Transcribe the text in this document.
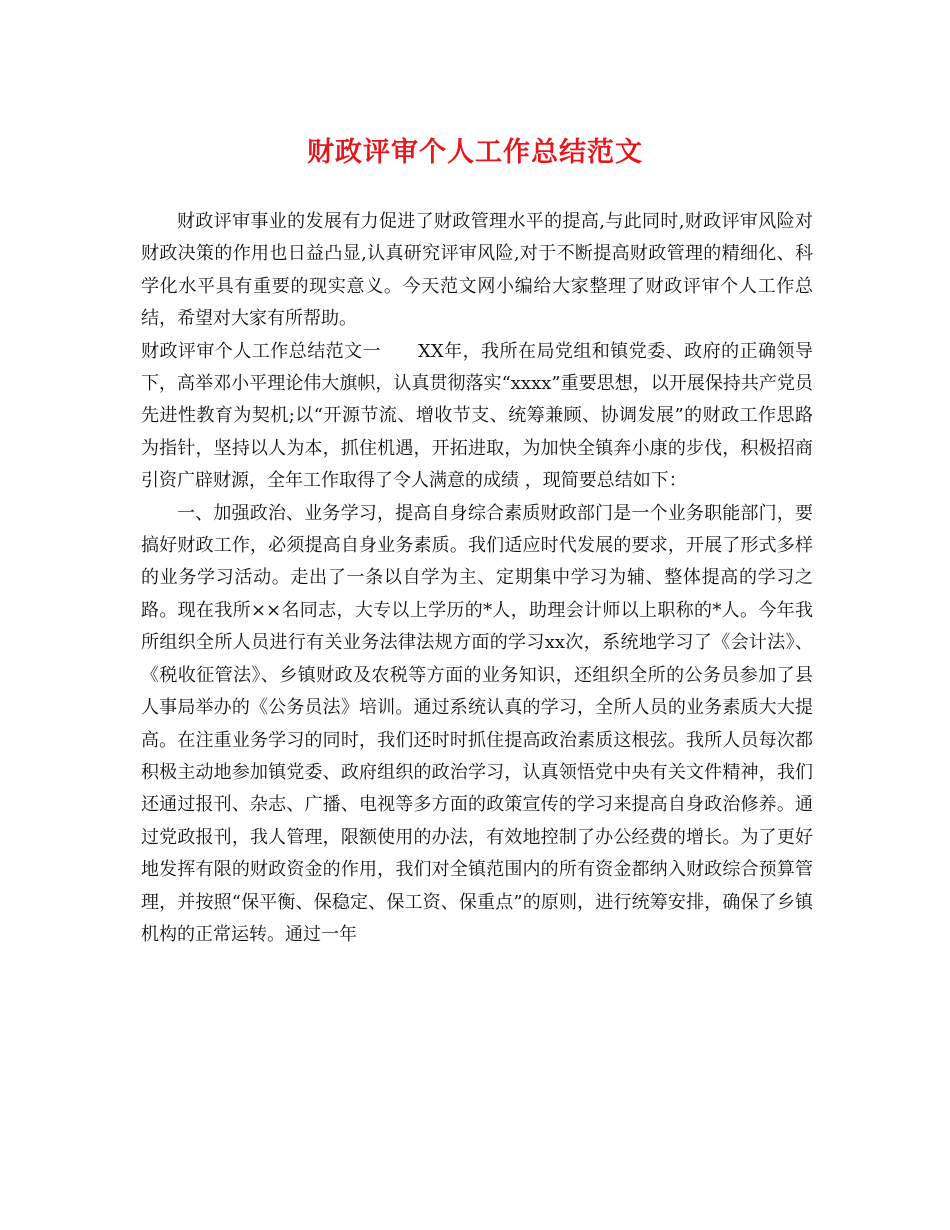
财政评审个人工作总结范文

财政评审事业的发展有力促进了财政管理水平的提高,与此同时,财政评审风险对财政决策的作用也日益凸显,认真研究评审风险,对于不断提高财政管理的精细化、科学化水平具有重要的现实意义。今天范文网小编给大家整理了财政评审个人工作总结，希望对大家有所帮助。

财政评审个人工作总结范文一　　XX年，我所在局党组和镇党委、政府的正确领导下，高举邓小平理论伟大旗帜，认真贯彻落实“xxxx”重要思想，以开展保持共产党员先进性教育为契机;以“开源节流、增收节支、统筹兼顾、协调发展”的财政工作思路为指针，坚持以人为本，抓住机遇，开拓进取，为加快全镇奔小康的步伐，积极招商引资广辟财源，全年工作取得了令人满意的成绩 ，现简要总结如下：

一、加强政治、业务学习，提高自身综合素质财政部门是一个业务职能部门，要搞好财政工作，必须提高自身业务素质。我们适应时代发展的要求，开展了形式多样的业务学习活动。走出了一条以自学为主、定期集中学习为辅、整体提高的学习之路。现在我所××名同志，大专以上学历的*人，助理会计师以上职称的*人。今年我所组织全所人员进行有关业务法律法规方面的学习xx次，系统地学习了《会计法》、《税收征管法》、乡镇财政及农税等方面的业务知识，还组织全所的公务员参加了县人事局举办的《公务员法》培训。通过系统认真的学习，全所人员的业务素质大大提高。在注重业务学习的同时，我们还时时抓住提高政治素质这根弦。我所人员每次都积极主动地参加镇党委、政府组织的政治学习，认真领悟党中央有关文件精神，我们还通过报刊、杂志、广播、电视等多方面的政策宣传的学习来提高自身政治修养。通过党政报刊，我人管理，限额使用的办法，有效地控制了办公经费的增长。为了更好地发挥有限的财政资金的作用，我们对全镇范围内的所有资金都纳入财政综合预算管理，并按照“保平衡、保稳定、保工资、保重点”的原则，进行统筹安排，确保了乡镇机构的正常运转。通过一年
